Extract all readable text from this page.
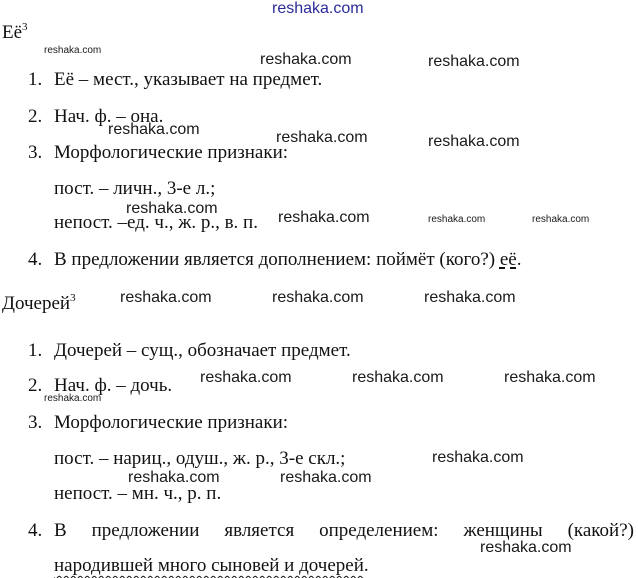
reshaka.com
$Её^3$
1. Её – мест., указывает на предмет.
2. Нач. ф. – она.
3. Морфологические признаки:
пост. – личн., 3-е л.;
непост. –ед. ч., ж. р., в. п.
4. В предложении является дополнением: поймёт (кого?) её.
Дочерей$^3$
1. Дочерей – сущ., обозначает предмет.
2. Нач. ф. – дочь.
3. Морфологические признаки:
пост. – нариц., одуш., ж. р., 3-е скл.;
непост. – мн. ч., р. п.
4. В предложении является определением: женщины (какой?)
народившей много сыновей и дочерей.
reshaka.com
reshaka.com	reshaka.com
reshaka.com	reshaka.com	reshaka.com
reshaka.com
reshaka.com	reshaka.com	reshaka.com
reshaka.com	reshaka.com	reshaka.com
reshaka.com	reshaka.com	reshaka.com
reshaka.com
reshaka.com
reshaka.com	reshaka.com
reshaka.com
